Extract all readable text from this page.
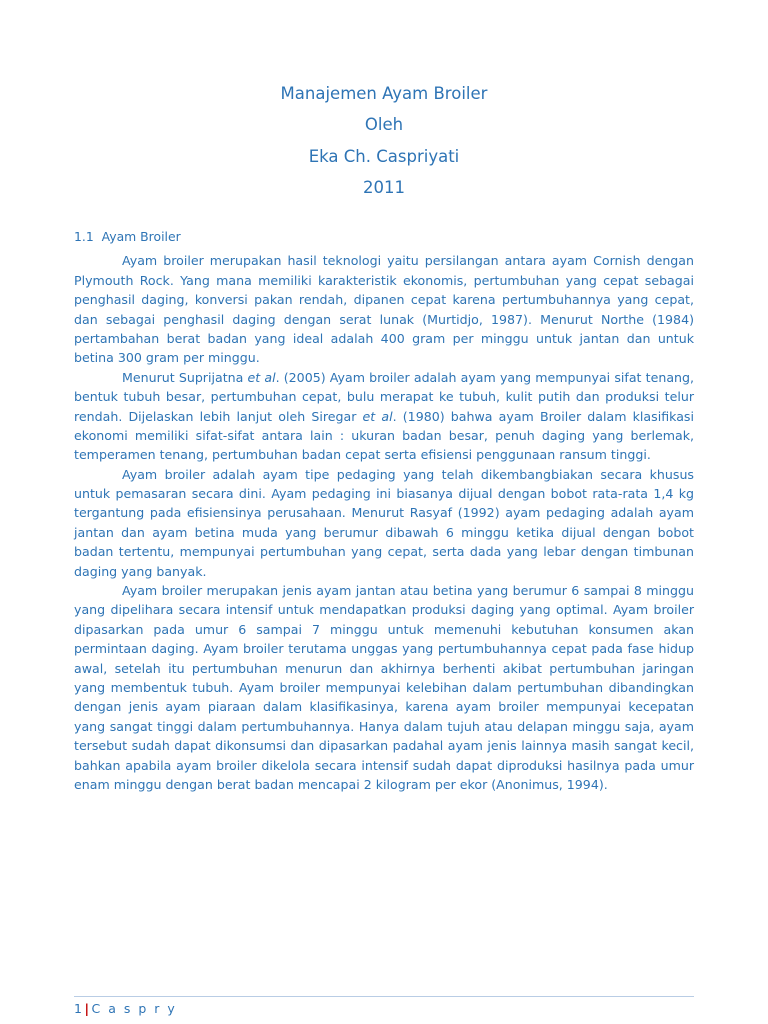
Manajemen Ayam Broiler
Oleh
Eka Ch. Caspriyati
2011
1.1 Ayam Broiler

Ayam broiler merupakan hasil teknologi yaitu persilangan antara ayam Cornish dengan Plymouth Rock. Yang mana memiliki karakteristik ekonomis, pertumbuhan yang cepat sebagai penghasil daging, konversi pakan rendah, dipanen cepat karena pertumbuhannya yang cepat, dan sebagai penghasil daging dengan serat lunak (Murtidjo, 1987). Menurut Northe (1984) pertambahan berat badan yang ideal adalah 400 gram per minggu untuk jantan dan untuk betina 300 gram per minggu.

Menurut Suprijatna et al. (2005) Ayam broiler adalah ayam yang mempunyai sifat tenang, bentuk tubuh besar, pertumbuhan cepat, bulu merapat ke tubuh, kulit putih dan produksi telur rendah. Dijelaskan lebih lanjut oleh Siregar et al. (1980) bahwa ayam Broiler dalam klasifikasi ekonomi memiliki sifat-sifat antara lain : ukuran badan besar, penuh daging yang berlemak, temperamen tenang, pertumbuhan badan cepat serta efisiensi penggunaan ransum tinggi.

Ayam broiler adalah ayam tipe pedaging yang telah dikembangbiakan secara khusus untuk pemasaran secara dini. Ayam pedaging ini biasanya dijual dengan bobot rata-rata 1,4 kg tergantung pada efisiensinya perusahaan. Menurut Rasyaf (1992) ayam pedaging adalah ayam jantan dan ayam betina muda yang berumur dibawah 6 minggu ketika dijual dengan bobot badan tertentu, mempunyai pertumbuhan yang cepat, serta dada yang lebar dengan timbunan daging yang banyak.

Ayam broiler merupakan jenis ayam jantan atau betina yang berumur 6 sampai 8 minggu yang dipelihara secara intensif untuk mendapatkan produksi daging yang optimal. Ayam broiler dipasarkan pada umur 6 sampai 7 minggu untuk memenuhi kebutuhan konsumen akan permintaan daging. Ayam broiler terutama unggas yang pertumbuhannya cepat pada fase hidup awal, setelah itu pertumbuhan menurun dan akhirnya berhenti akibat pertumbuhan jaringan yang membentuk tubuh. Ayam broiler mempunyai kelebihan dalam pertumbuhan dibandingkan dengan jenis ayam piaraan dalam klasifikasinya, karena ayam broiler mempunyai kecepatan yang sangat tinggi dalam pertumbuhannya. Hanya dalam tujuh atau delapan minggu saja, ayam tersebut sudah dapat dikonsumsi dan dipasarkan padahal ayam jenis lainnya masih sangat kecil, bahkan apabila ayam broiler dikelola secara intensif sudah dapat diproduksi hasilnya pada umur enam minggu dengan berat badan mencapai 2 kilogram per ekor (Anonimus, 1994).

1 | C a s p r y
